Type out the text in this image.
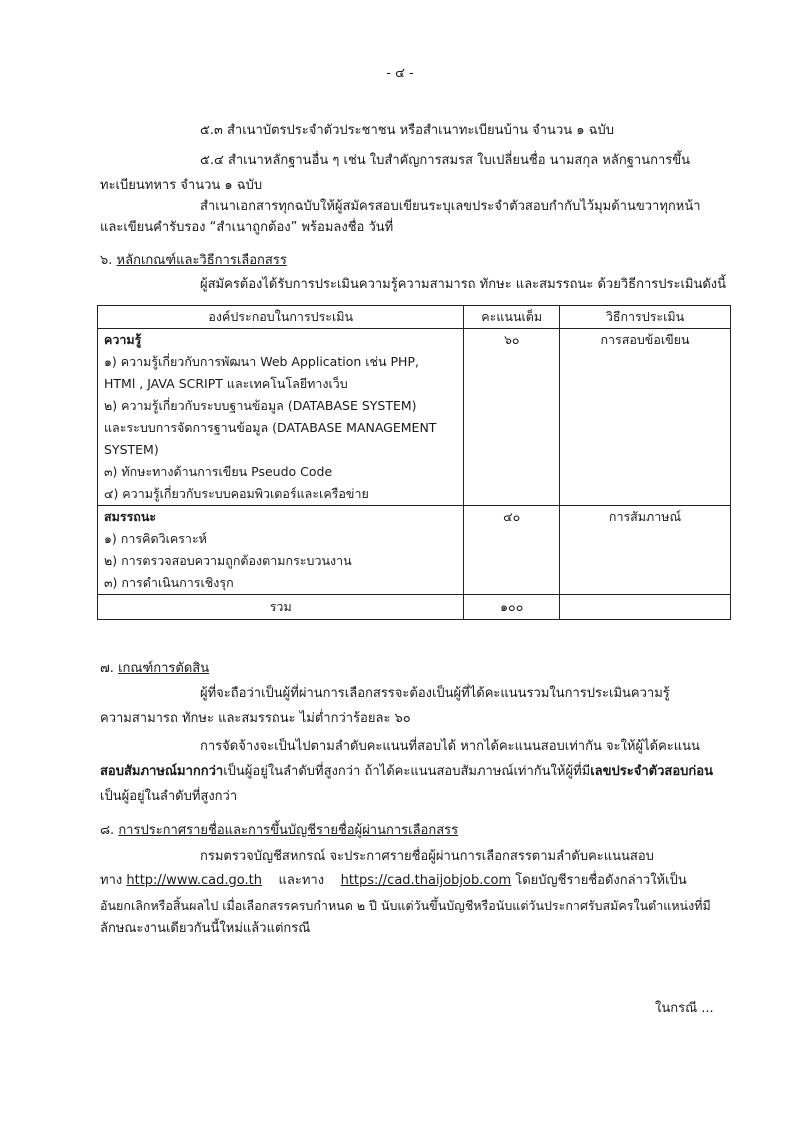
- ๔ -
๕.๓ สำเนาบัตรประจำตัวประชาชน หรือสำเนาทะเบียนบ้าน จำนวน ๑ ฉบับ
๕.๔ สำเนาหลักฐานอื่น ๆ เช่น ใบสำคัญการสมรส ใบเปลี่ยนชื่อ นามสกุล หลักฐานการขึ้น
ทะเบียนทหาร จำนวน ๑ ฉบับ
สำเนาเอกสารทุกฉบับให้ผู้สมัครสอบเขียนระบุเลขประจำตัวสอบกำกับไว้มุมด้านขวาทุกหน้า
และเขียนคำรับรอง “สำเนาถูกต้อง” พร้อมลงชื่อ วันที่
๖. หลักเกณฑ์และวิธีการเลือกสรร
ผู้สมัครต้องได้รับการประเมินความรู้ความสามารถ ทักษะ และสมรรถนะ ด้วยวิธีการประเมินดังนี้
องค์ประกอบในการประเมิน	คะแนนเต็ม	วิธีการประเมิน

ความรู้
๑) ความรู้เกี่ยวกับการพัฒนา Web Application เช่น PHP,
HTMl , JAVA SCRIPT และเทคโนโลยีทางเว็บ
๒) ความรู้เกี่ยวกับระบบฐานข้อมูล (DATABASE SYSTEM)
และระบบการจัดการฐานข้อมูล (DATABASE MANAGEMENT
SYSTEM)
๓) ทักษะทางด้านการเขียน Pseudo Code
๔) ความรู้เกี่ยวกับระบบคอมพิวเตอร์และเครือข่าย

๖๐	การสอบข้อเขียน

สมรรถนะ
๑) การคิดวิเคราะห์
๒) การตรวจสอบความถูกต้องตามกระบวนงาน
๓) การดำเนินการเชิงรุก	๔๐	การสัมภาษณ์

รวม	๑๐๐	
๗. เกณฑ์การตัดสิน
ผู้ที่จะถือว่าเป็นผู้ที่ผ่านการเลือกสรรจะต้องเป็นผู้ที่ได้คะแนนรวมในการประเมินความรู้
ความสามารถ ทักษะ และสมรรถนะ ไม่ต่ำกว่าร้อยละ ๖๐
การจัดจ้างจะเป็นไปตามลำดับคะแนนที่สอบได้ หากได้คะแนนสอบเท่ากัน จะให้ผู้ได้คะแนน
สอบสัมภาษณ์มากกว่าเป็นผู้อยู่ในลำดับที่สูงกว่า ถ้าได้คะแนนสอบสัมภาษณ์เท่ากันให้ผู้ที่มีเลขประจำตัวสอบก่อน
เป็นผู้อยู่ในลำดับที่สูงกว่า
๘. การประกาศรายชื่อและการขึ้นบัญชีรายชื่อผู้ผ่านการเลือกสรร
กรมตรวจบัญชีสหกรณ์ จะประกาศรายชื่อผู้ผ่านการเลือกสรรตามลำดับคะแนนสอบ
ทาง http://www.cad.go.th    และทาง    https://cad.thaijobjob.com โดยบัญชีรายชื่อดังกล่าวให้เป็น
อันยกเลิกหรือสิ้นผลไป เมื่อเลือกสรรครบกำหนด ๒ ปี นับแต่วันขึ้นบัญชีหรือนับแต่วันประกาศรับสมัครในตำแหน่งที่มี
ลักษณะงานเดียวกันนี้ใหม่แล้วแต่กรณี
ในกรณี ...
